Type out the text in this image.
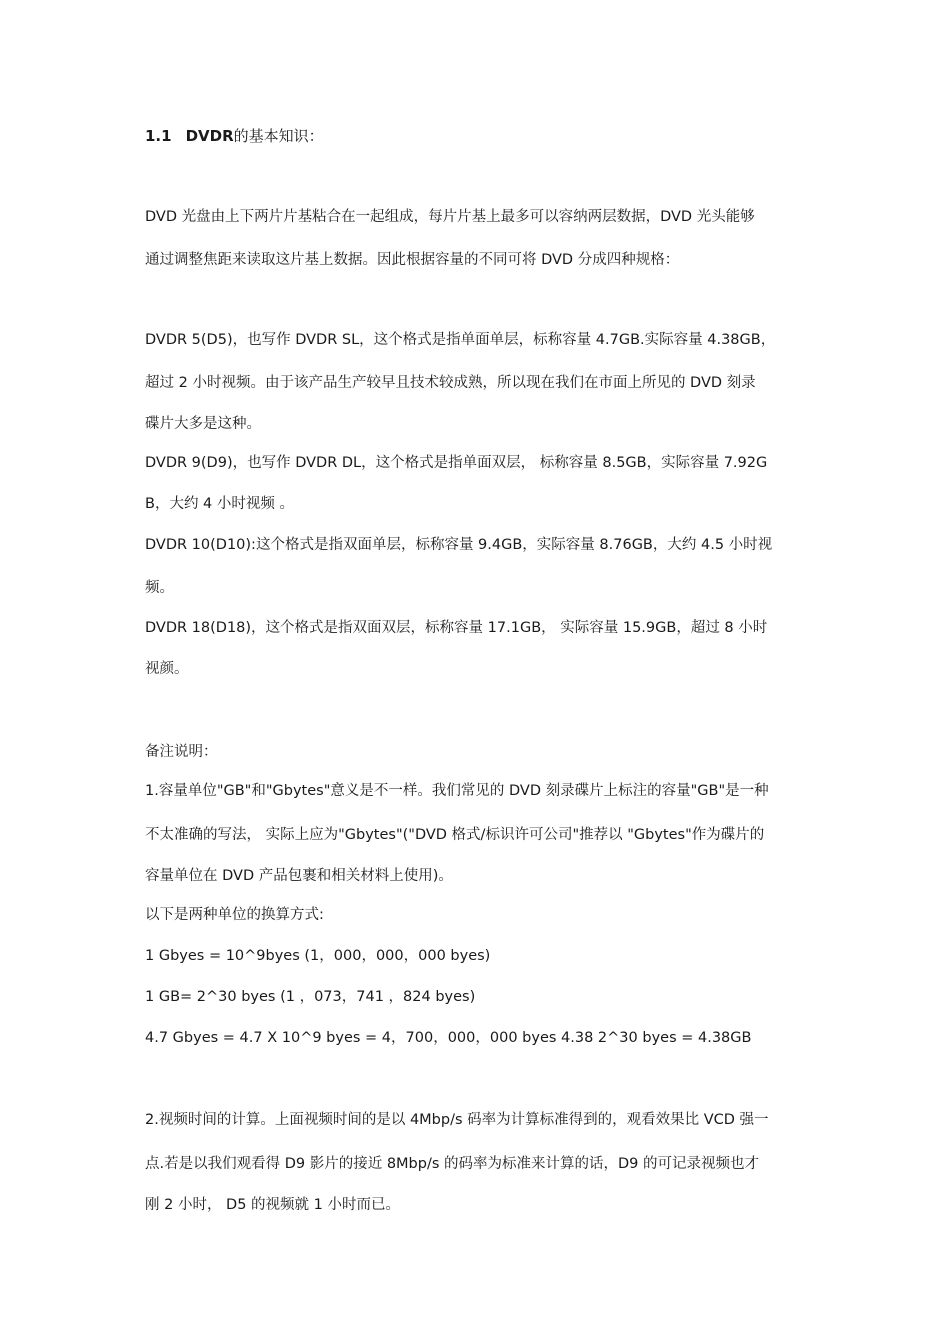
1.1 DVDR的基本知识：
DVD 光盘由上下两片片基粘合在一起组成，每片片基上最多可以容纳两层数据，DVD 光头能够
通过调整焦距来读取这片基上数据。因此根据容量的不同可将 DVD 分成四种规格：
DVDR 5(D5)，也写作 DVDR SL，这个格式是指单面单层，标称容量 4.7GB.实际容量 4.38GB，
超过 2 小时视频。由于该产品生产较早且技术较成熟，所以现在我们在市面上所见的 DVD 刻录
碟片大多是这种。
DVDR 9(D9)，也写作 DVDR DL，这个格式是指单面双层， 标称容量 8.5GB，实际容量 7.92G
B，大约 4 小时视频 。
DVDR 10(D10):这个格式是指双面单层，标称容量 9.4GB，实际容量 8.76GB，大约 4.5 小时视
频。
DVDR 18(D18)，这个格式是指双面双层，标称容量 17.1GB， 实际容量 15.9GB，超过 8 小时
视颜。
备注说明：
1.容量单位"GB"和"Gbytes"意义是不一样。我们常见的 DVD 刻录碟片上标注的容量"GB"是一种
不太准确的写法， 实际上应为"Gbytes"("DVD 格式/标识许可公司"推荐以 "Gbytes"作为碟片的
容量单位在 DVD 产品包裹和相关材料上使用)。
以下是两种单位的换算方式:
1 Gbyes = 10^9byes (1，000，000，000 byes)
1 GB= 2^30 byes (1 ，073，741 ，824 byes)
4.7 Gbyes = 4.7 X 10^9 byes = 4，700，000，000 byes 4.38 2^30 byes = 4.38GB
2.视频时间的计算。上面视频时间的是以 4Mbp/s 码率为计算标准得到的，观看效果比 VCD 强一
点.若是以我们观看得 D9 影片的接近 8Mbp/s 的码率为标准来计算的话，D9 的可记录视频也才
刚 2 小时， D5 的视频就 1 小时而已。
